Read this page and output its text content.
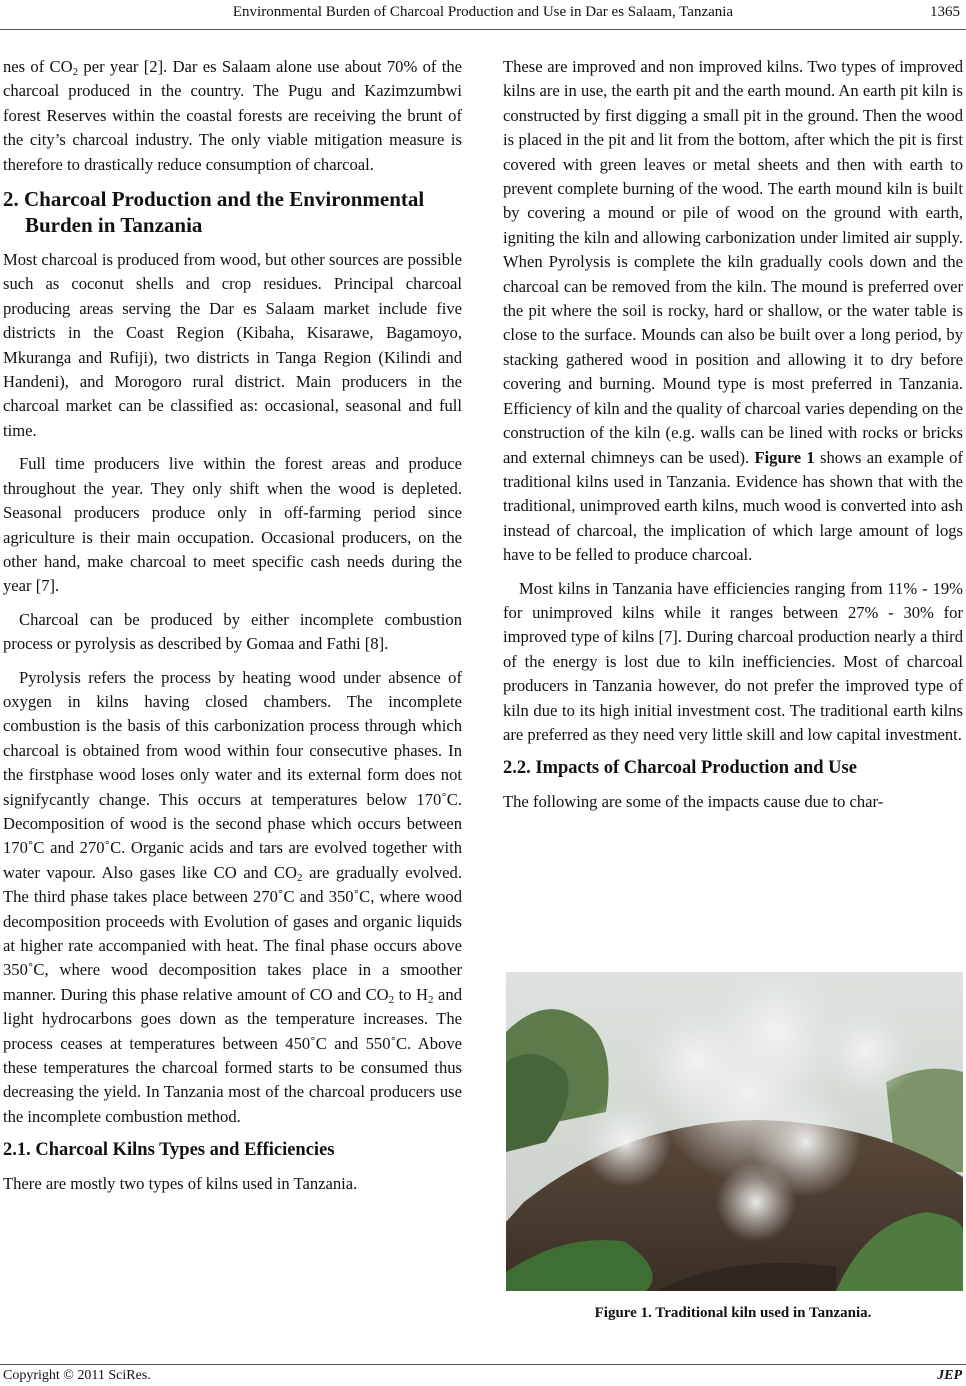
Environmental Burden of Charcoal Production and Use in Dar es Salaam, Tanzania	1365

nes of $CO_2$ per year [2]. Dar es Salaam alone use about 70% of the charcoal produced in the country. The Pugu and Kazimzumbwi forest Reserves within the coastal forests are receiving the brunt of the city’s charcoal industry. The only viable mitigation measure is therefore to drastically reduce consumption of charcoal.

2. Charcoal Production and the Environmental Burden in Tanzania

Most charcoal is produced from wood, but other sources are possible such as coconut shells and crop residues. Principal charcoal producing areas serving the Dar es Salaam market include five districts in the Coast Region (Kibaha, Kisarawe, Bagamoyo, Mkuranga and Rufiji), two districts in Tanga Region (Kilindi and Handeni), and Morogoro rural district. Main producers in the charcoal market can be classified as: occasional, seasonal and full time.

Full time producers live within the forest areas and produce throughout the year. They only shift when the wood is depleted. Seasonal producers produce only in off-farming period since agriculture is their main occupation. Occasional producers, on the other hand, make charcoal to meet specific cash needs during the year [7].

Charcoal can be produced by either incomplete combustion process or pyrolysis as described by Gomaa and Fathi [8].

Pyrolysis refers the process by heating wood under absence of oxygen in kilns having closed chambers. The incomplete combustion is the basis of this carbonization process through which charcoal is obtained from wood within four consecutive phases. In the firstphase wood loses only water and its external form does not signifycantly change. This occurs at temperatures below 170˚C. Decomposition of wood is the second phase which occurs between 170˚C and 270˚C. Organic acids and tars are evolved together with water vapour. Also gases like CO and $CO_2$ are gradually evolved. The third phase takes place between 270˚C and 350˚C, where wood decomposition proceeds with Evolution of gases and organic liquids at higher rate accompanied with heat. The final phase occurs above 350˚C, where wood decomposition takes place in a smoother manner. During this phase relative amount of CO and $CO_2$ to $H_2$ and light hydrocarbons goes down as the temperature increases. The process ceases at temperatures between 450˚C and 550˚C. Above these temperatures the charcoal formed starts to be consumed thus decreasing the yield. In Tanzania most of the charcoal producers use the incomplete combustion method.

2.1. Charcoal Kilns Types and Efficiencies

There are mostly two types of kilns used in Tanzania.

These are improved and non improved kilns. Two types of improved kilns are in use, the earth pit and the earth mound. An earth pit kiln is constructed by first digging a small pit in the ground. Then the wood is placed in the pit and lit from the bottom, after which the pit is first covered with green leaves or metal sheets and then with earth to prevent complete burning of the wood. The earth mound kiln is built by covering a mound or pile of wood on the ground with earth, igniting the kiln and allowing carbonization under limited air supply. When Pyrolysis is complete the kiln gradually cools down and the charcoal can be removed from the kiln. The mound is preferred over the pit where the soil is rocky, hard or shallow, or the water table is close to the surface. Mounds can also be built over a long period, by stacking gathered wood in position and allowing it to dry before covering and burning. Mound type is most preferred in Tanzania. Efficiency of kiln and the quality of charcoal varies depending on the construction of the kiln (e.g. walls can be lined with rocks or bricks and external chimneys can be used). Figure 1 shows an example of traditional kilns used in Tanzania. Evidence has shown that with the traditional, unimproved earth kilns, much wood is converted into ash instead of charcoal, the implication of which large amount of logs have to be felled to produce charcoal.

Most kilns in Tanzania have efficiencies ranging from 11% - 19% for unimproved kilns while it ranges between 27% - 30% for improved type of kilns [7]. During charcoal production nearly a third of the energy is lost due to kiln inefficiencies. Most of charcoal producers in Tanzania however, do not prefer the improved type of kiln due to its high initial investment cost. The traditional earth kilns are preferred as they need very little skill and low capital investment.

2.2. Impacts of Charcoal Production and Use

The following are some of the impacts cause due to char-

Figure 1. Traditional kiln used in Tanzania.
Copyright © 2011 SciRes.	JEP
